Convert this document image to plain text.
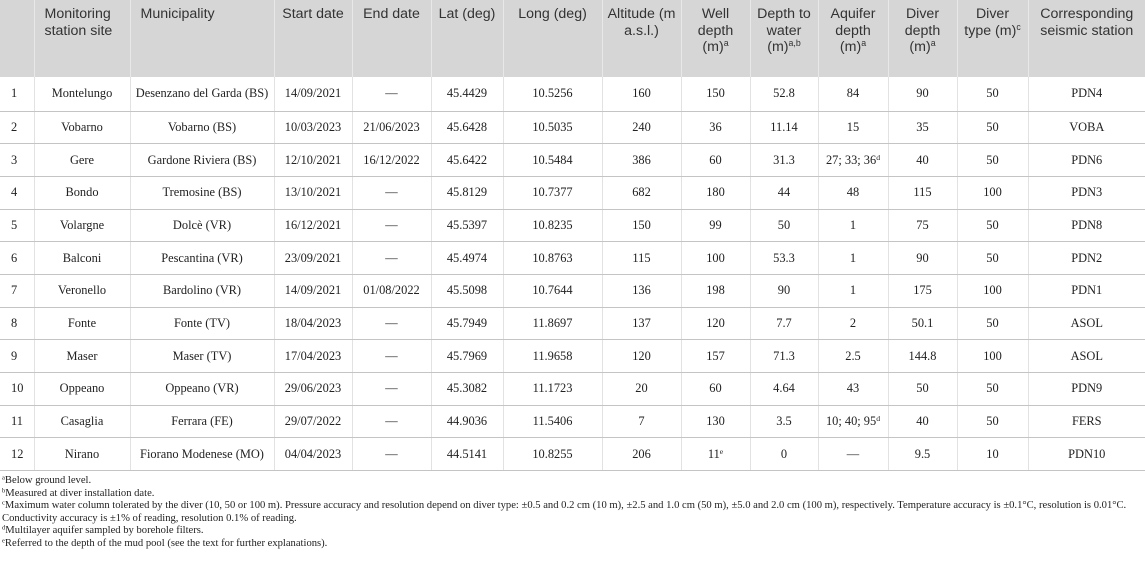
	Monitoring station site	Municipality	Start date	End date	Lat (deg)	Long (deg)	Altitude (m a.s.l.)	Well depth $(m)^a$	Depth to water $(m)^{a,b}$	Aquifer depth $(m)^a$	Diver depth $(m)^a$	Diver type $(m)^c$	Corresponding seismic station
1	Montelungo	Desenzano del Garda (BS)	14/09/2021	—	45.4429	10.5256	160	150	52.8	84	90	50	PDN4
2	Vobarno	Vobarno (BS)	10/03/2023	21/06/2023	45.6428	10.5035	240	36	11.14	15	35	50	VOBA
3	Gere	Gardone Riviera (BS)	12/10/2021	16/12/2022	45.6422	10.5484	386	60	31.3	27; 33; 36$^d$	40	50	PDN6
4	Bondo	Tremosine (BS)	13/10/2021	—	45.8129	10.7377	682	180	44	48	115	100	PDN3
5	Volargne	Dolcè (VR)	16/12/2021	—	45.5397	10.8235	150	99	50	1	75	50	PDN8
6	Balconi	Pescantina (VR)	23/09/2021	—	45.4974	10.8763	115	100	53.3	1	90	50	PDN2
7	Veronello	Bardolino (VR)	14/09/2021	01/08/2022	45.5098	10.7644	136	198	90	1	175	100	PDN1
8	Fonte	Fonte (TV)	18/04/2023	—	45.7949	11.8697	137	120	7.7	2	50.1	50	ASOL
9	Maser	Maser (TV)	17/04/2023	—	45.7969	11.9658	120	157	71.3	2.5	144.8	100	ASOL
10	Oppeano	Oppeano (VR)	29/06/2023	—	45.3082	11.1723	20	60	4.64	43	50	50	PDN9
11	Casaglia	Ferrara (FE)	29/07/2022	—	44.9036	11.5406	7	130	3.5	10; 40; 95$^d$	40	50	FERS
12	Nirano	Fiorano Modenese (MO)	04/04/2023	—	44.5141	10.8255	206	11e	0	—	9.5	10	PDN10
$^a$Below ground level.
$^b$Measured at diver installation date.
$^c$Maximum water column tolerated by the diver (10, 50 or 100 m). Pressure accuracy and resolution depend on diver type: ±0.5 and 0.2 cm (10 m), ±2.5 and 1.0 cm (50 m), ±5.0 and 2.0 cm (100 m), respectively. Temperature accuracy is ±0.1°C, resolution is 0.01°C.
Conductivity accuracy is ±1% of reading, resolution 0.1% of reading.
$^d$Multilayer aquifer sampled by borehole filters.
$^e$Referred to the depth of the mud pool (see the text for further explanations).
